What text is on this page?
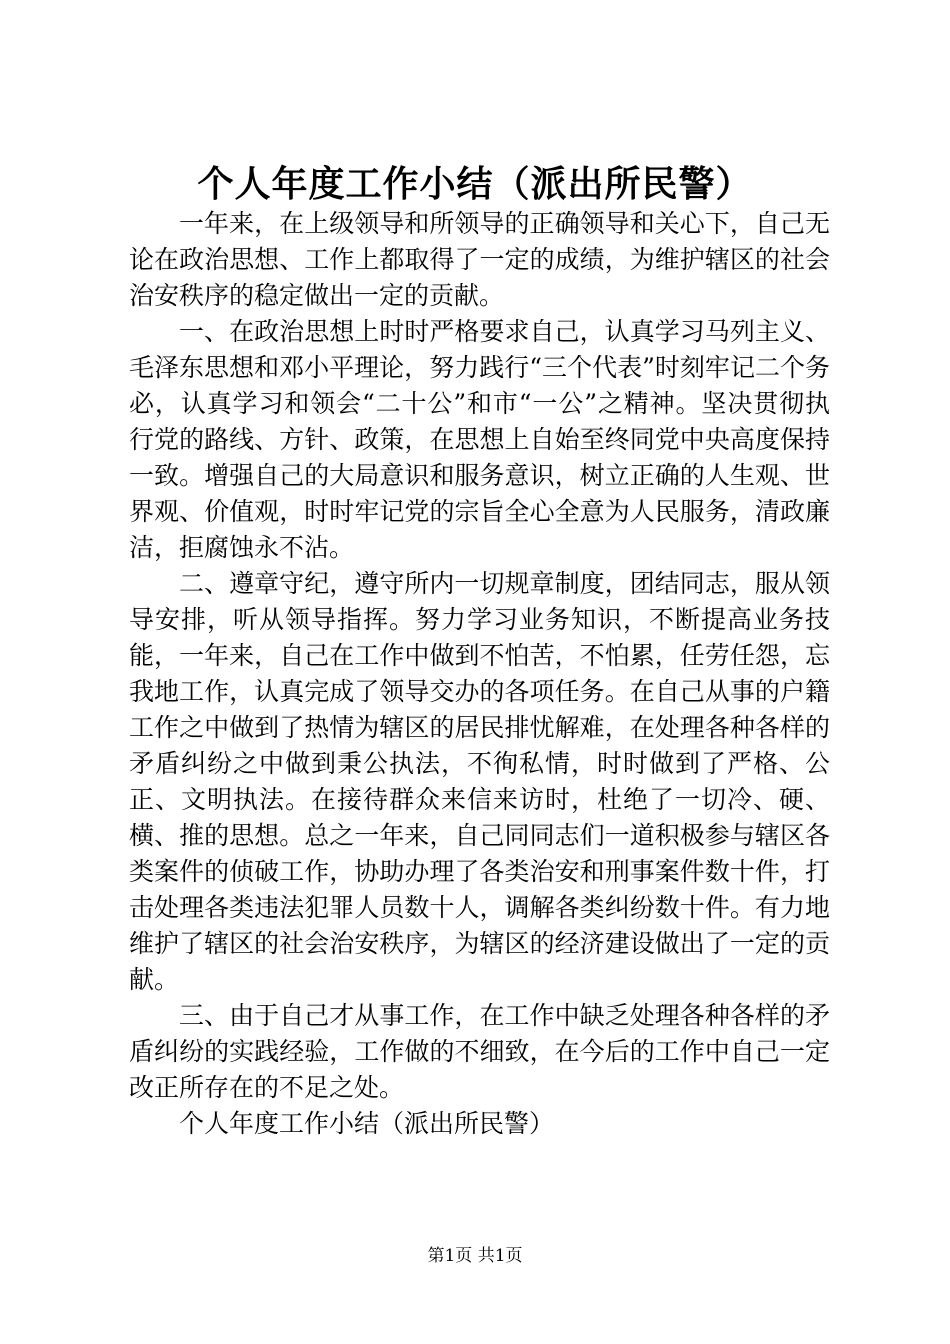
个人年度工作小结（派出所民警）

一年来，在上级领导和所领导的正确领导和关心下，自己无论在政治思想、工作上都取得了一定的成绩，为维护辖区的社会治安秩序的稳定做出一定的贡献。

一、在政治思想上时时严格要求自己，认真学习马列主义、毛泽东思想和邓小平理论，努力践行“三个代表”时刻牢记二个务必，认真学习和领会“二十公”和市“一公”之精神。坚决贯彻执行党的路线、方针、政策，在思想上自始至终同党中央高度保持一致。增强自己的大局意识和服务意识，树立正确的人生观、世界观、价值观，时时牢记党的宗旨全心全意为人民服务，清政廉洁，拒腐蚀永不沾。

二、遵章守纪，遵守所内一切规章制度，团结同志，服从领导安排，听从领导指挥。努力学习业务知识，不断提高业务技能，一年来，自己在工作中做到不怕苦，不怕累，任劳任怨，忘我地工作，认真完成了领导交办的各项任务。在自己从事的户籍工作之中做到了热情为辖区的居民排忧解难，在处理各种各样的矛盾纠纷之中做到秉公执法，不徇私情，时时做到了严格、公正、文明执法。在接待群众来信来访时，杜绝了一切冷、硬、横、推的思想。总之一年来，自己同同志们一道积极参与辖区各类案件的侦破工作，协助办理了各类治安和刑事案件数十件，打击处理各类违法犯罪人员数十人，调解各类纠纷数十件。有力地维护了辖区的社会治安秩序，为辖区的经济建设做出了一定的贡献。

三、由于自己才从事工作，在工作中缺乏处理各种各样的矛盾纠纷的实践经验，工作做的不细致，在今后的工作中自己一定改正所存在的不足之处。

个人年度工作小结（派出所民警）

第1页 共1页
